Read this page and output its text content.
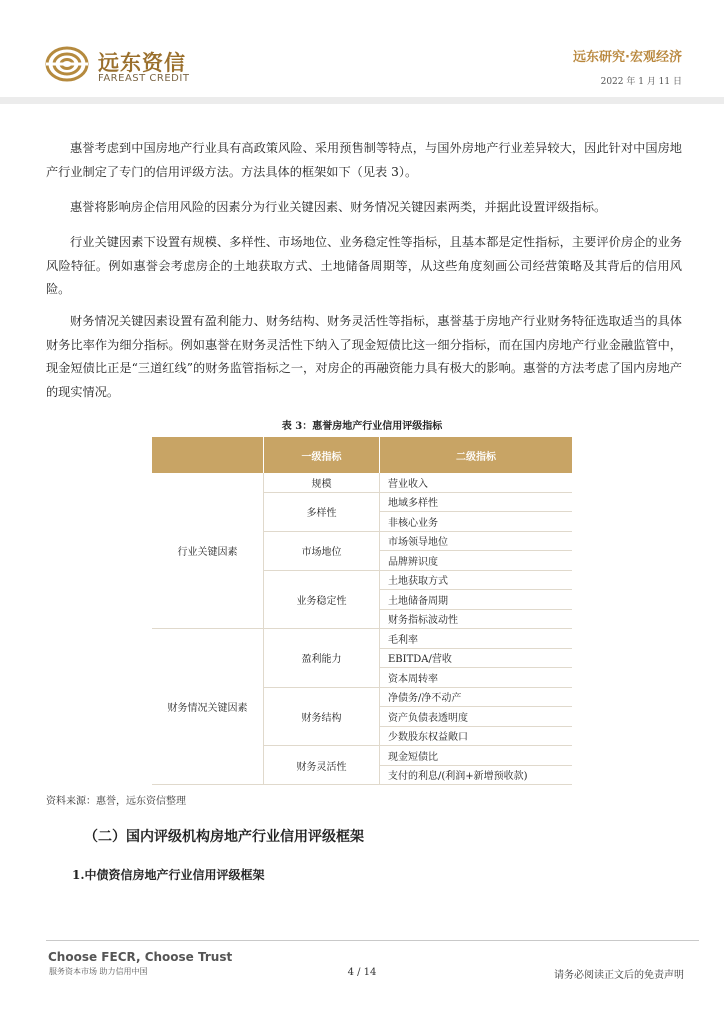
远东资信
FAREAST CREDIT
远东研究·宏观经济
2022 年 1 月 11 日
惠誉考虑到中国房地产行业具有高政策风险、采用预售制等特点，与国外房地产行业差异较大，因此针对中国房地产行业制定了专门的信用评级方法。方法具体的框架如下（见表 3）。
惠誉将影响房企信用风险的因素分为行业关键因素、财务情况关键因素两类，并据此设置评级指标。
行业关键因素下设置有规模、多样性、市场地位、业务稳定性等指标，且基本都是定性指标，主要评价房企的业务风险特征。例如惠誉会考虑房企的土地获取方式、土地储备周期等，从这些角度刻画公司经营策略及其背后的信用风险。
财务情况关键因素设置有盈利能力、财务结构、财务灵活性等指标，惠誉基于房地产行业财务特征选取适当的具体财务比率作为细分指标。例如惠誉在财务灵活性下纳入了现金短债比这一细分指标，而在国内房地产行业金融监管中，现金短债比正是“三道红线”的财务监管指标之一，对房企的再融资能力具有极大的影响。惠誉的方法考虑了国内房地产的现实情况。
表 3：惠誉房地产行业信用评级指标
	一级指标	二级指标
行业关键因素	规模	营业收入
	多样性	地域多样性
		非核心业务
	市场地位	市场领导地位
		品牌辨识度
	业务稳定性	土地获取方式
		土地储备周期
		财务指标波动性
财务情况关键因素	盈利能力	毛利率
		EBITDA/营收
		资本周转率
	财务结构	净债务/净不动产
		资产负债表透明度
		少数股东权益敞口
	财务灵活性	现金短债比
		支付的利息/(利润+新增预收款)
资料来源：惠誉，远东资信整理
（二）国内评级机构房地产行业信用评级框架
1.中债资信房地产行业信用评级框架
Choose FECR, Choose Trust
服务资本市场 助力信用中国	4 / 14	请务必阅读正文后的免责声明
